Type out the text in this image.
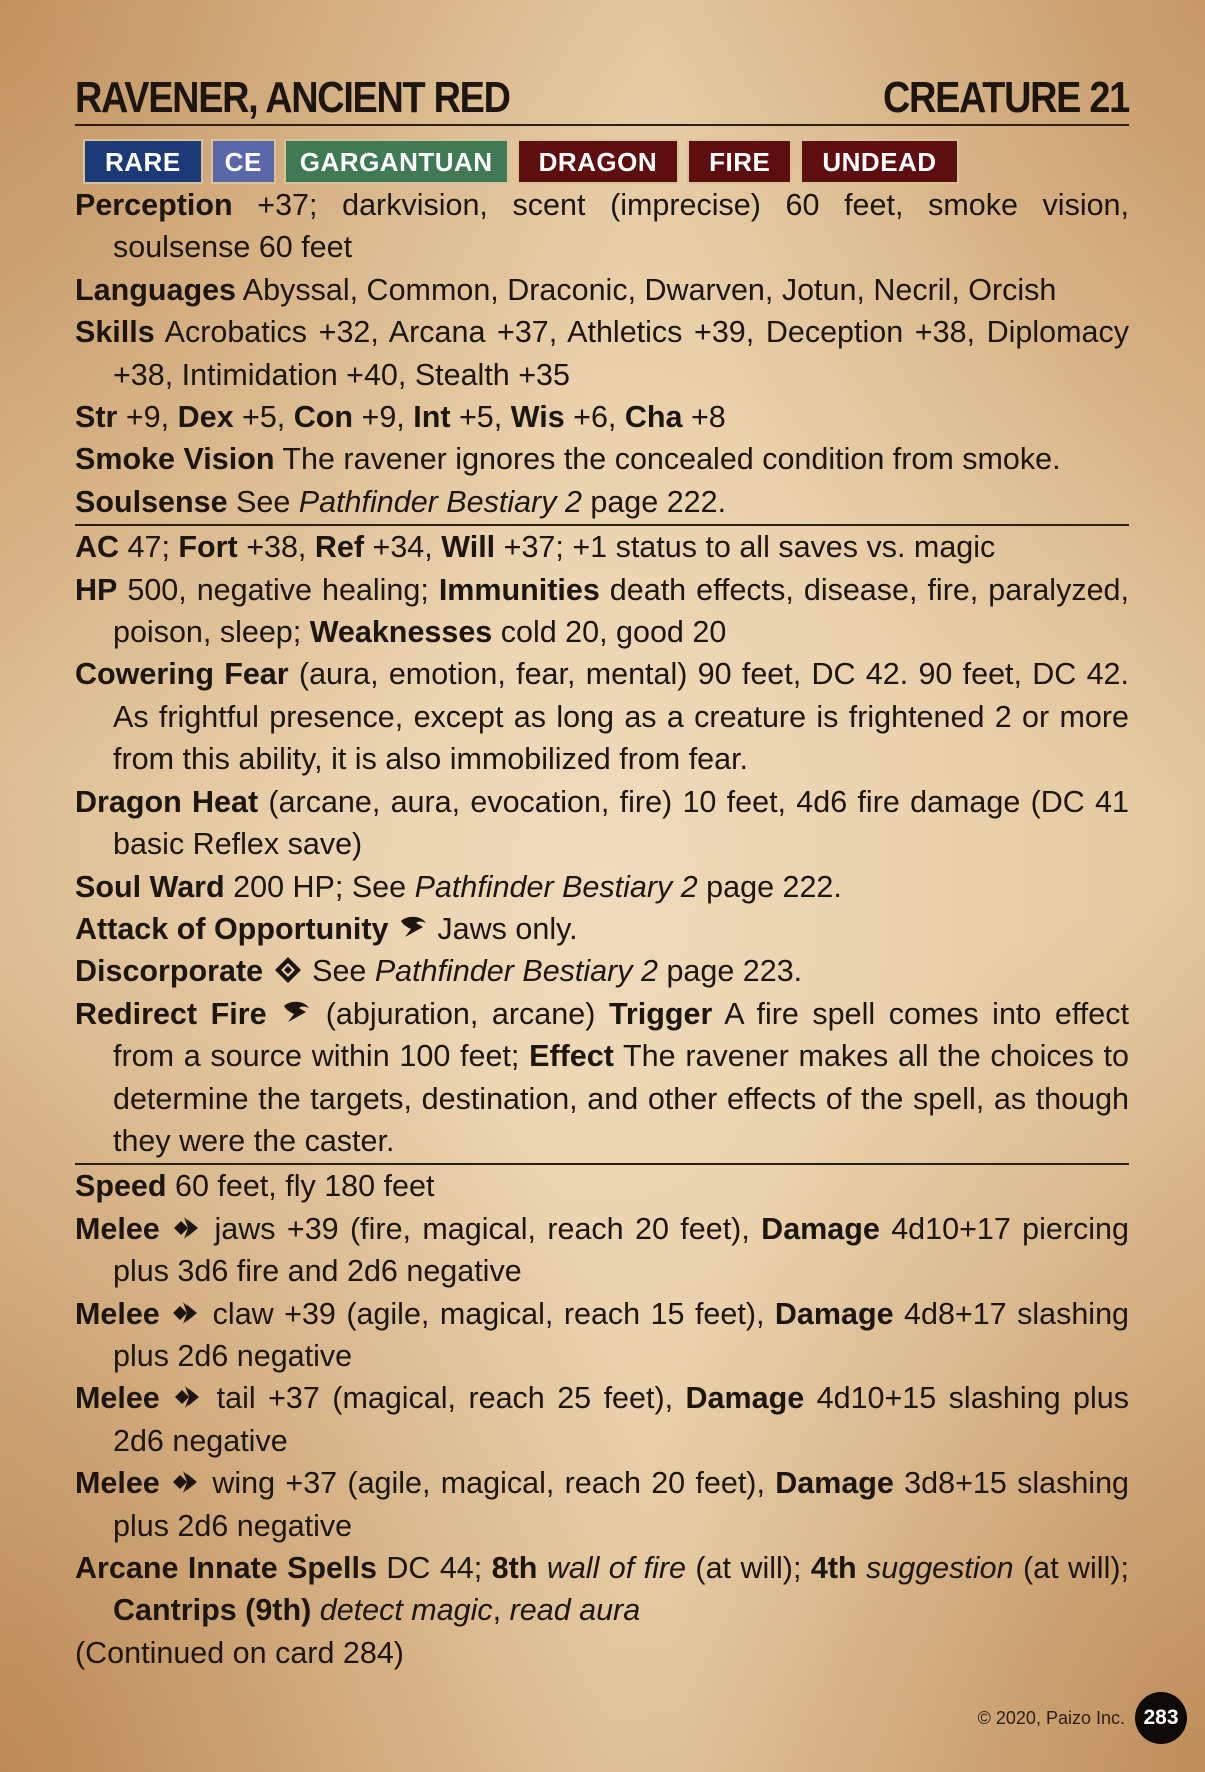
RAVENER, ANCIENT RED	CREATURE 21
RARE	CE	GARGANTUAN	DRAGON	FIRE	UNDEAD
Perception +37; darkvision, scent (imprecise) 60 feet, smoke vision, soulsense 60 feet
Languages Abyssal, Common, Draconic, Dwarven, Jotun, Necril, Orcish
Skills Acrobatics +32, Arcana +37, Athletics +39, Deception +38, Diplomacy +38, Intimidation +40, Stealth +35
Str +9, Dex +5, Con +9, Int +5, Wis +6, Cha +8
Smoke Vision The ravener ignores the concealed condition from smoke.
Soulsense See Pathfinder Bestiary 2 page 222.
AC 47; Fort +38, Ref +34, Will +37; +1 status to all saves vs. magic
HP 500, negative healing; Immunities death effects, disease, fire, paralyzed, poison, sleep; Weaknesses cold 20, good 20
Cowering Fear (aura, emotion, fear, mental) 90 feet, DC 42. 90 feet, DC 42. As frightful presence, except as long as a creature is frightened 2 or more from this ability, it is also immobilized from fear.
Dragon Heat (arcane, aura, evocation, fire) 10 feet, 4d6 fire damage (DC 41 basic Reflex save)
Soul Ward 200 HP; See Pathfinder Bestiary 2 page 222.
Attack of Opportunity  Jaws only.
Discorporate  See Pathfinder Bestiary 2 page 223.
Redirect Fire  (abjuration, arcane) Trigger A fire spell comes into effect from a source within 100 feet; Effect The ravener makes all the choices to determine the targets, destination, and other effects of the spell, as though they were the caster.
Speed 60 feet, fly 180 feet
Melee  jaws +39 (fire, magical, reach 20 feet), Damage 4d10+17 piercing plus 3d6 fire and 2d6 negative
Melee  claw +39 (agile, magical, reach 15 feet), Damage 4d8+17 slashing plus 2d6 negative
Melee  tail +37 (magical, reach 25 feet), Damage 4d10+15 slashing plus 2d6 negative
Melee  wing +37 (agile, magical, reach 20 feet), Damage 3d8+15 slashing plus 2d6 negative
Arcane Innate Spells DC 44; 8th wall of fire (at will); 4th suggestion (at will); Cantrips (9th) detect magic, read aura
(Continued on card 284)
© 2020, Paizo Inc. 283
